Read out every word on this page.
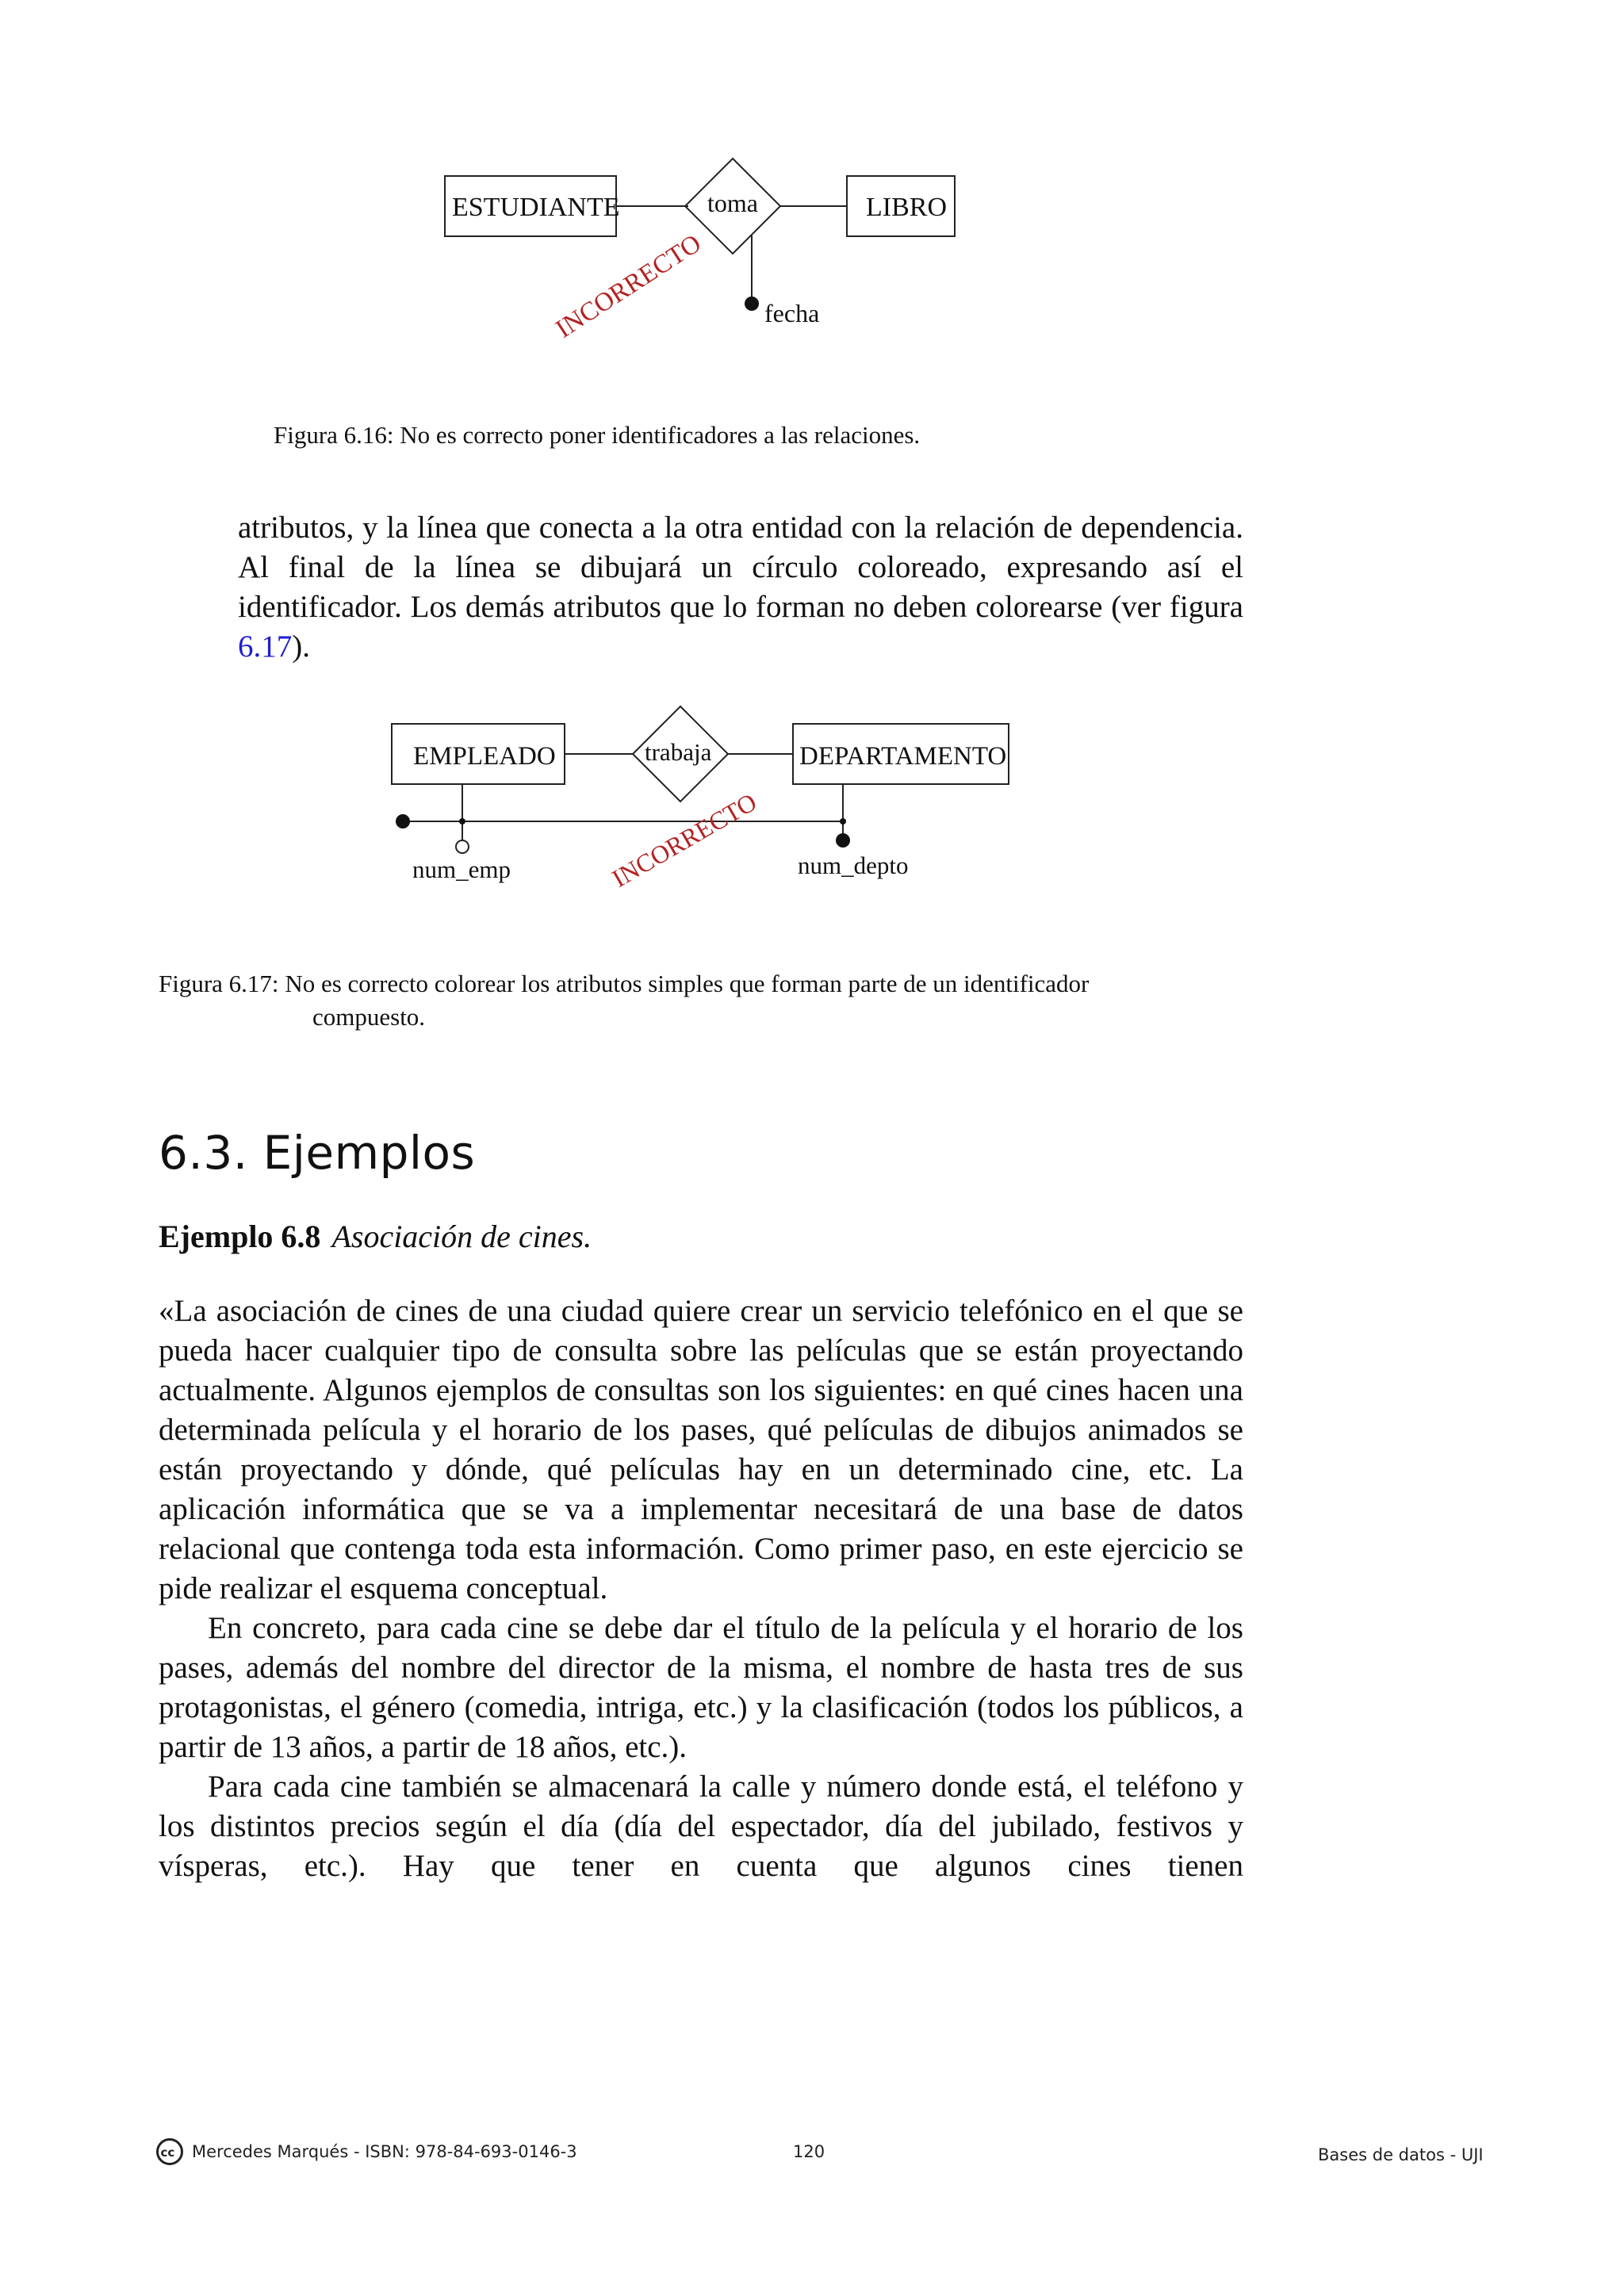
ESTUDIANTE	toma	LIBRO
fecha
INCORRECTO
Figura 6.16: No es correcto poner identificadores a las relaciones.
atributos, y la línea que conecta a la otra entidad con la relación de dependencia. Al final de la línea se dibujará un círculo coloreado, expresando así el identificador. Los demás atributos que lo forman no deben colorearse (ver figura 6.17).
EMPLEADO	trabaja	DEPARTAMENTO
num_emp	num_depto
INCORRECTO
Figura 6.17: No es correcto colorear los atributos simples que forman parte de un identificador compuesto.
6.3. Ejemplos
Ejemplo 6.8 Asociación de cines.

«La asociación de cines de una ciudad quiere crear un servicio telefónico en el que se pueda hacer cualquier tipo de consulta sobre las películas que se están proyectando actualmente. Algunos ejemplos de consultas son los siguientes: en qué cines hacen una determinada película y el horario de los pases, qué películas de dibujos animados se están proyectando y dónde, qué películas hay en un determinado cine, etc. La aplicación informática que se va a implementar necesitará de una base de datos relacional que contenga toda esta información. Como primer paso, en este ejercicio se pide realizar el esquema conceptual.

En concreto, para cada cine se debe dar el título de la película y el horario de los pases, además del nombre del director de la misma, el nombre de hasta tres de sus protagonistas, el género (comedia, intriga, etc.) y la clasificación (todos los públicos, a partir de 13 años, a partir de 18 años, etc.).

Para cada cine también se almacenará la calle y número donde está, el teléfono y los distintos precios según el día (día del espectador, día del jubilado, festivos y vísperas, etc.). Hay que tener en cuenta que algunos cines tienen

cc Mercedes Marqués - ISBN: 978-84-693-0146-3	120	Bases de datos - UJI
